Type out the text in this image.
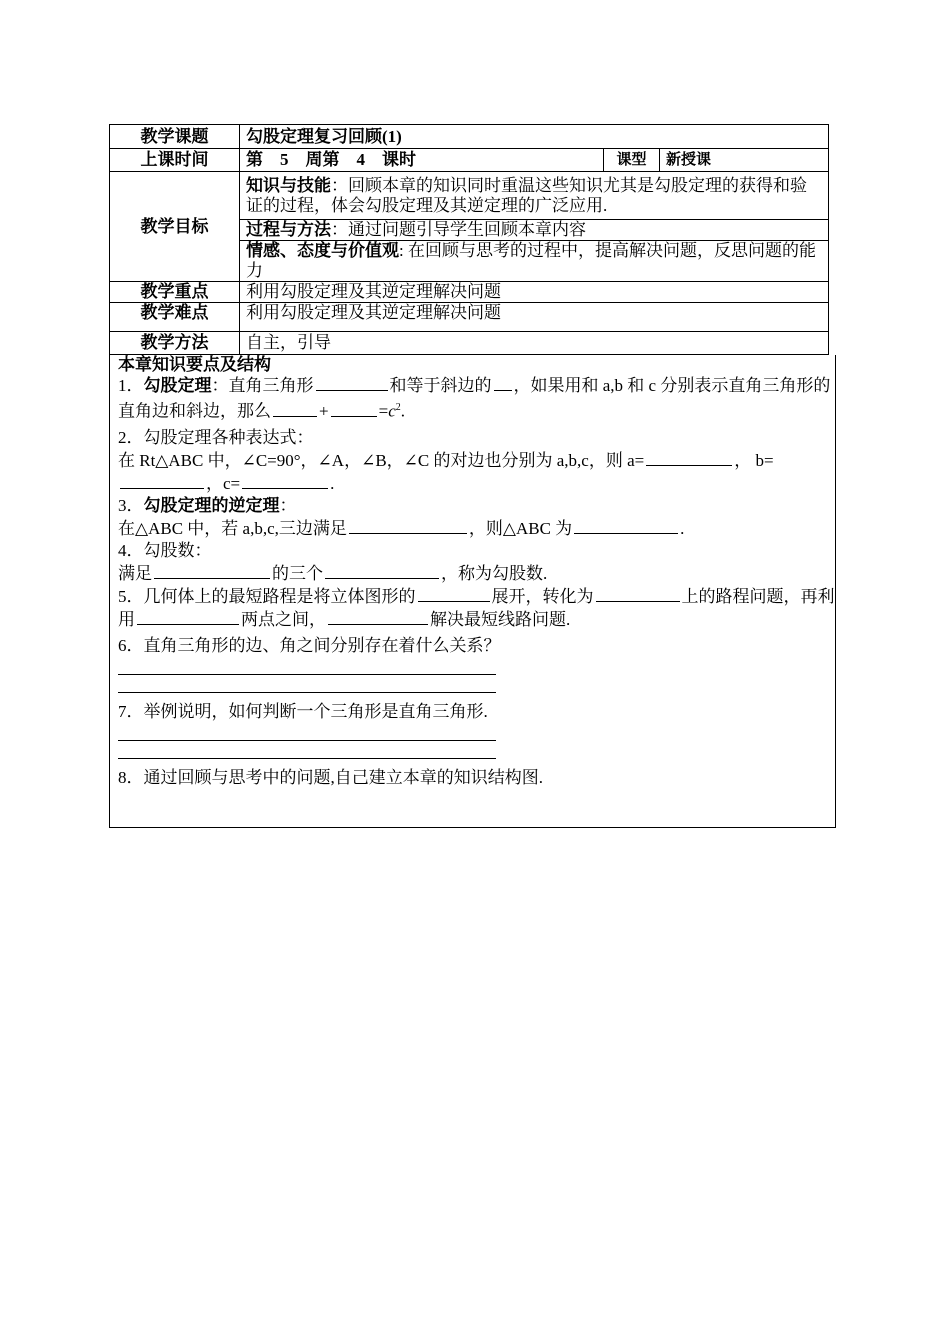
教学课题	勾股定理复习回顾(1)		
上课时间	第　5　周第　4　课时	课型	新授课
教学目标	知识与技能：回顾本章的知识同时重温这些知识尤其是勾股定理的获得和验证的过程，体会勾股定理及其逆定理的广泛应用.		
	过程与方法：通过问题引导学生回顾本章内容		
	情感、态度与价值观: 在回顾与思考的过程中，提高解决问题，反思问题的能力		
教学重点	利用勾股定理及其逆定理解决问题		
教学难点	利用勾股定理及其逆定理解决问题		
教学方法	自主，引导		

本章知识要点及结构

1．勾股定理：直角三角形	和等于斜边的 ，如果用和 a,b 和 c 分别表示直角三角形的直角边和斜边，那么	+	$=c^2$.

2．勾股定理各种表达式：

在 Rt△ABC 中，∠C=90°，∠A，∠B，∠C 的对边也分别为 a,b,c，则 a=	， b=，c=	.

3．勾股定理的逆定理：

在△ABC 中，若 a,b,c,三边满足	，则△ABC 为	.

4．勾股数：

满足	的三个	，称为勾股数.

5．几何体上的最短路程是将立体图形的	展开，转化为	上的路程问题，再利用	两点之间，	解决最短线路问题.

6．直角三角形的边、角之间分别存在着什么关系？

7．举例说明，如何判断一个三角形是直角三角形.

8．通过回顾与思考中的问题,自己建立本章的知识结构图.
